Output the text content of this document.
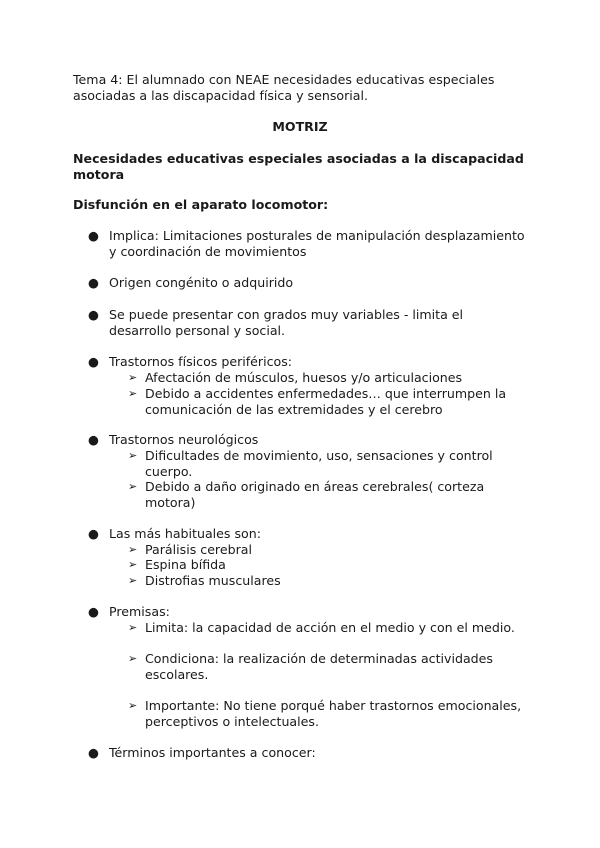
Tema 4: El alumnado con NEAE necesidades educativas especiales asociadas a las discapacidad física y sensorial.
MOTRIZ
Necesidades educativas especiales asociadas a la discapacidad motora
Disfunción en el aparato locomotor:
● Implica: Limitaciones posturales de manipulación desplazamiento y coordinación de movimientos
● Origen congénito o adquirido
● Se puede presentar con grados muy variables - limita el desarrollo personal y social.
● Trastornos físicos periféricos:
➢ Afectación de músculos, huesos y/o articulaciones
➢ Debido a accidentes enfermedades… que interrumpen la comunicación de las extremidades y el cerebro
● Trastornos neurológicos
➢ Dificultades de movimiento, uso, sensaciones y control cuerpo.
➢ Debido a daño originado en áreas cerebrales( corteza motora)
● Las más habituales son:
➢ Parálisis cerebral
➢ Espina bífida
➢ Distrofias musculares
● Premisas:
➢ Limita: la capacidad de acción en el medio y con el medio.
➢ Condiciona: la realización de determinadas actividades escolares.
➢ Importante: No tiene porqué haber trastornos emocionales, perceptivos o intelectuales.
● Términos importantes a conocer:
